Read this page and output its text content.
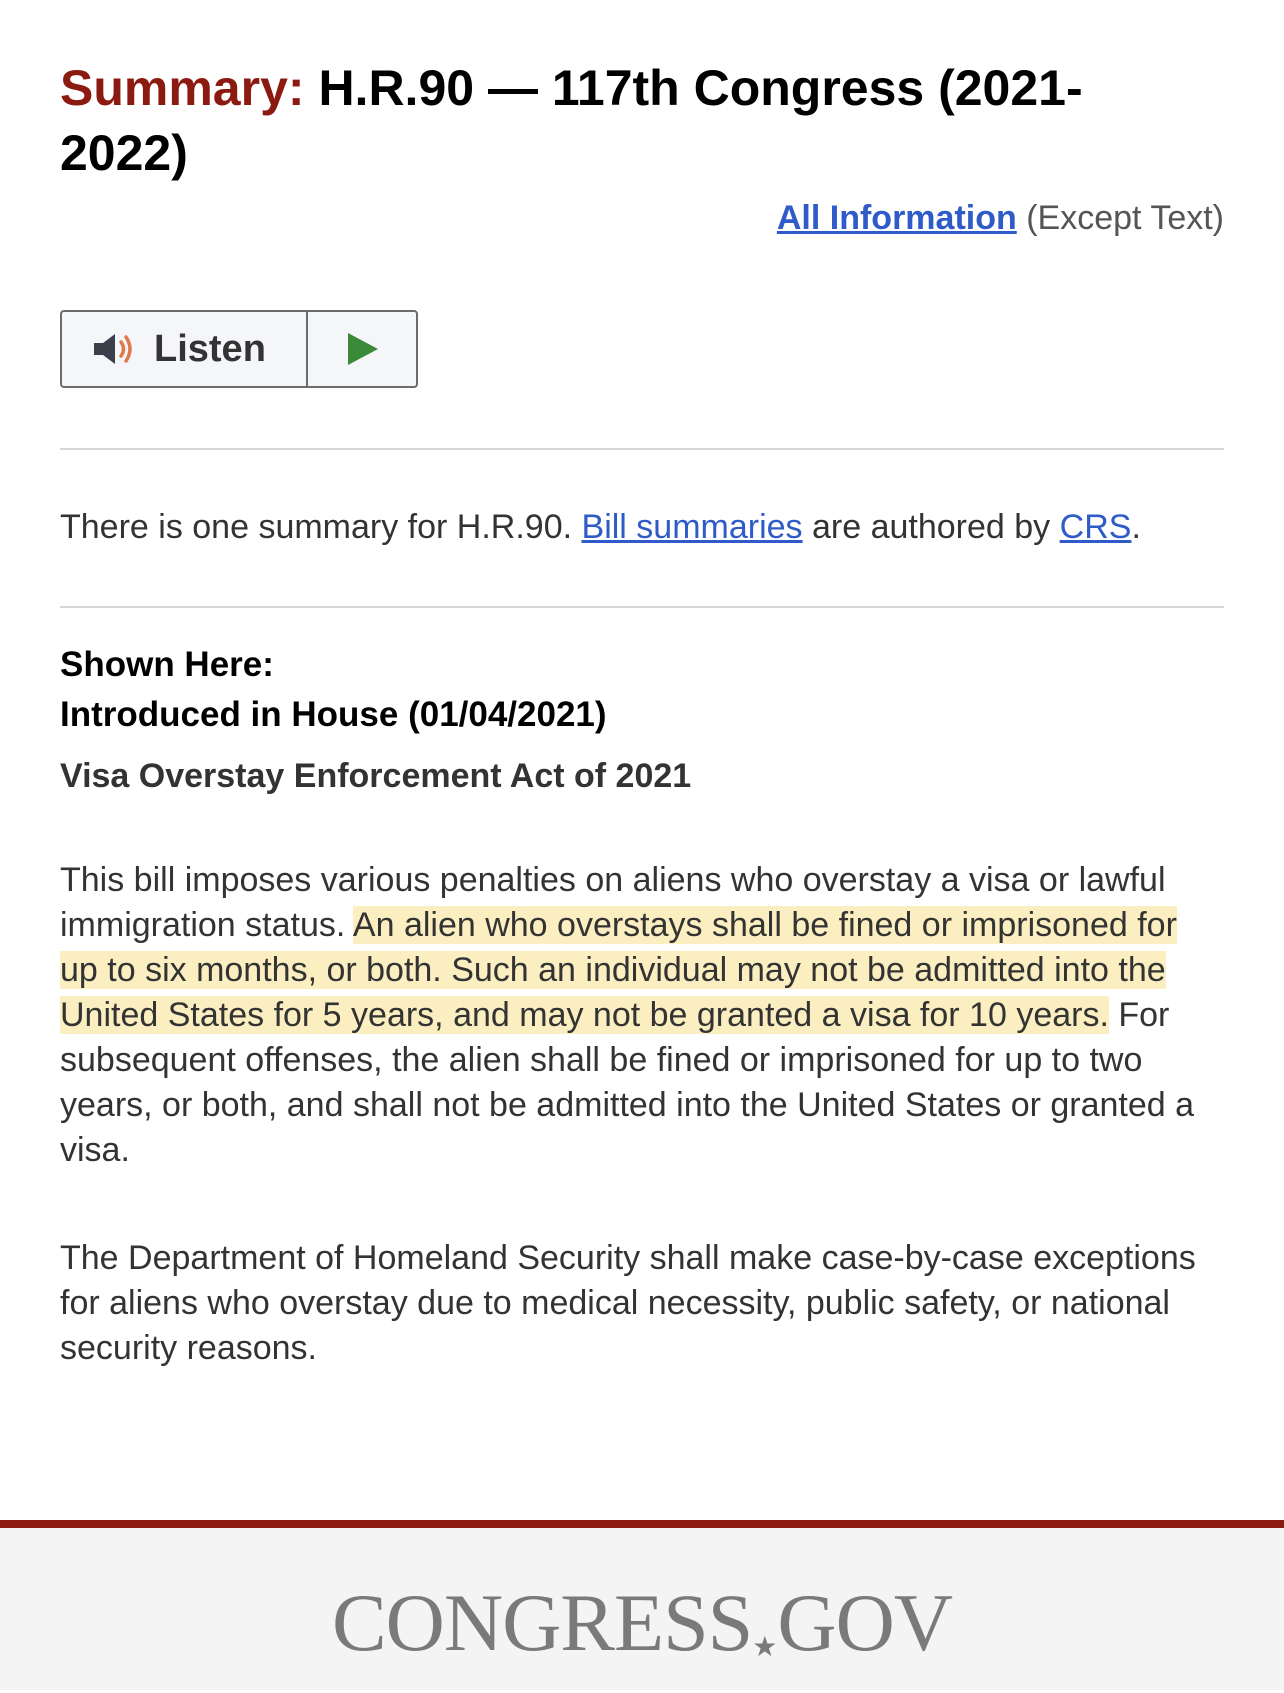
Summary: H.R.90 — 117th Congress (2021-2022)
All Information (Except Text)
Listen
There is one summary for H.R.90. Bill summaries are authored by CRS.
Shown Here:
Introduced in House (01/04/2021)
Visa Overstay Enforcement Act of 2021

This bill imposes various penalties on aliens who overstay a visa or lawful immigration status. An alien who overstays shall be fined or imprisoned for up to six months, or both. Such an individual may not be admitted into the United States for 5 years, and may not be granted a visa for 10 years. For subsequent offenses, the alien shall be fined or imprisoned for up to two years, or both, and shall not be admitted into the United States or granted a visa.

The Department of Homeland Security shall make case-by-case exceptions for aliens who overstay due to medical necessity, public safety, or national security reasons.

CONGRESS★GOV
